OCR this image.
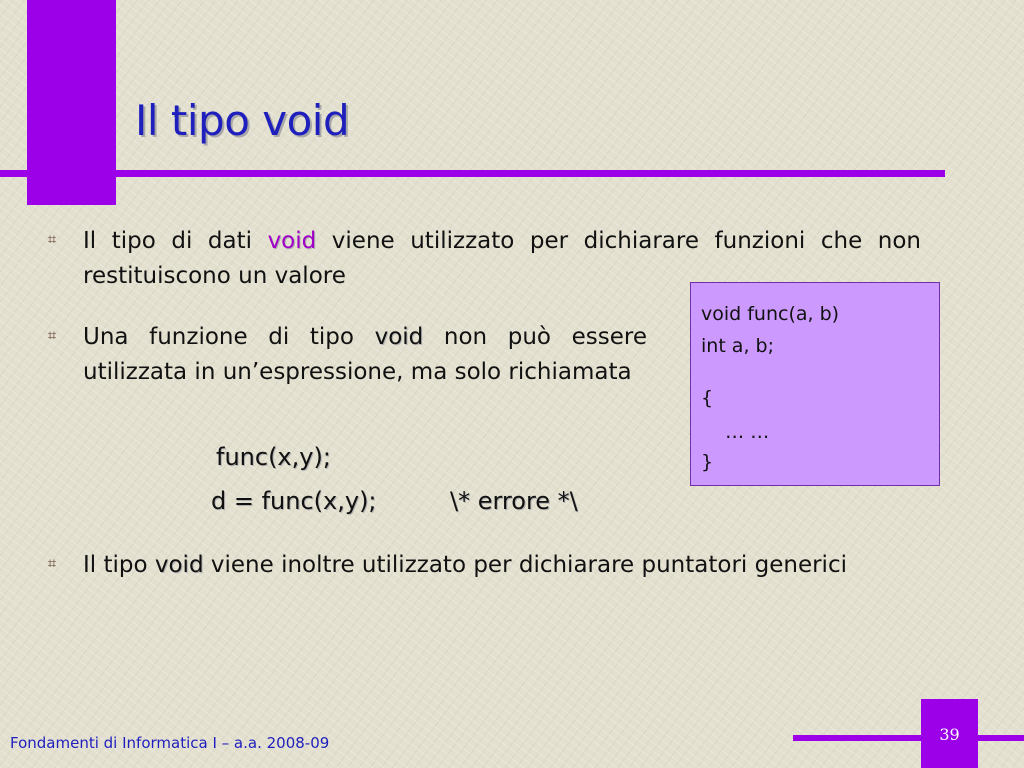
Il tipo void
⌗ Il tipo di dati void viene utilizzato per dichiarare funzioni che non restituiscono un valore
⌗ Una funzione di tipo void non può essere utilizzata in un’espressione, ma solo richiamata
func(x,y);
d = func(x,y);	\* errore *\
⌗ Il tipo void viene inoltre utilizzato per dichiarare puntatori generici
void func(a, b)
int a, b;
{
… …
}
Fondamenti di Informatica I – a.a. 2008-09	39
